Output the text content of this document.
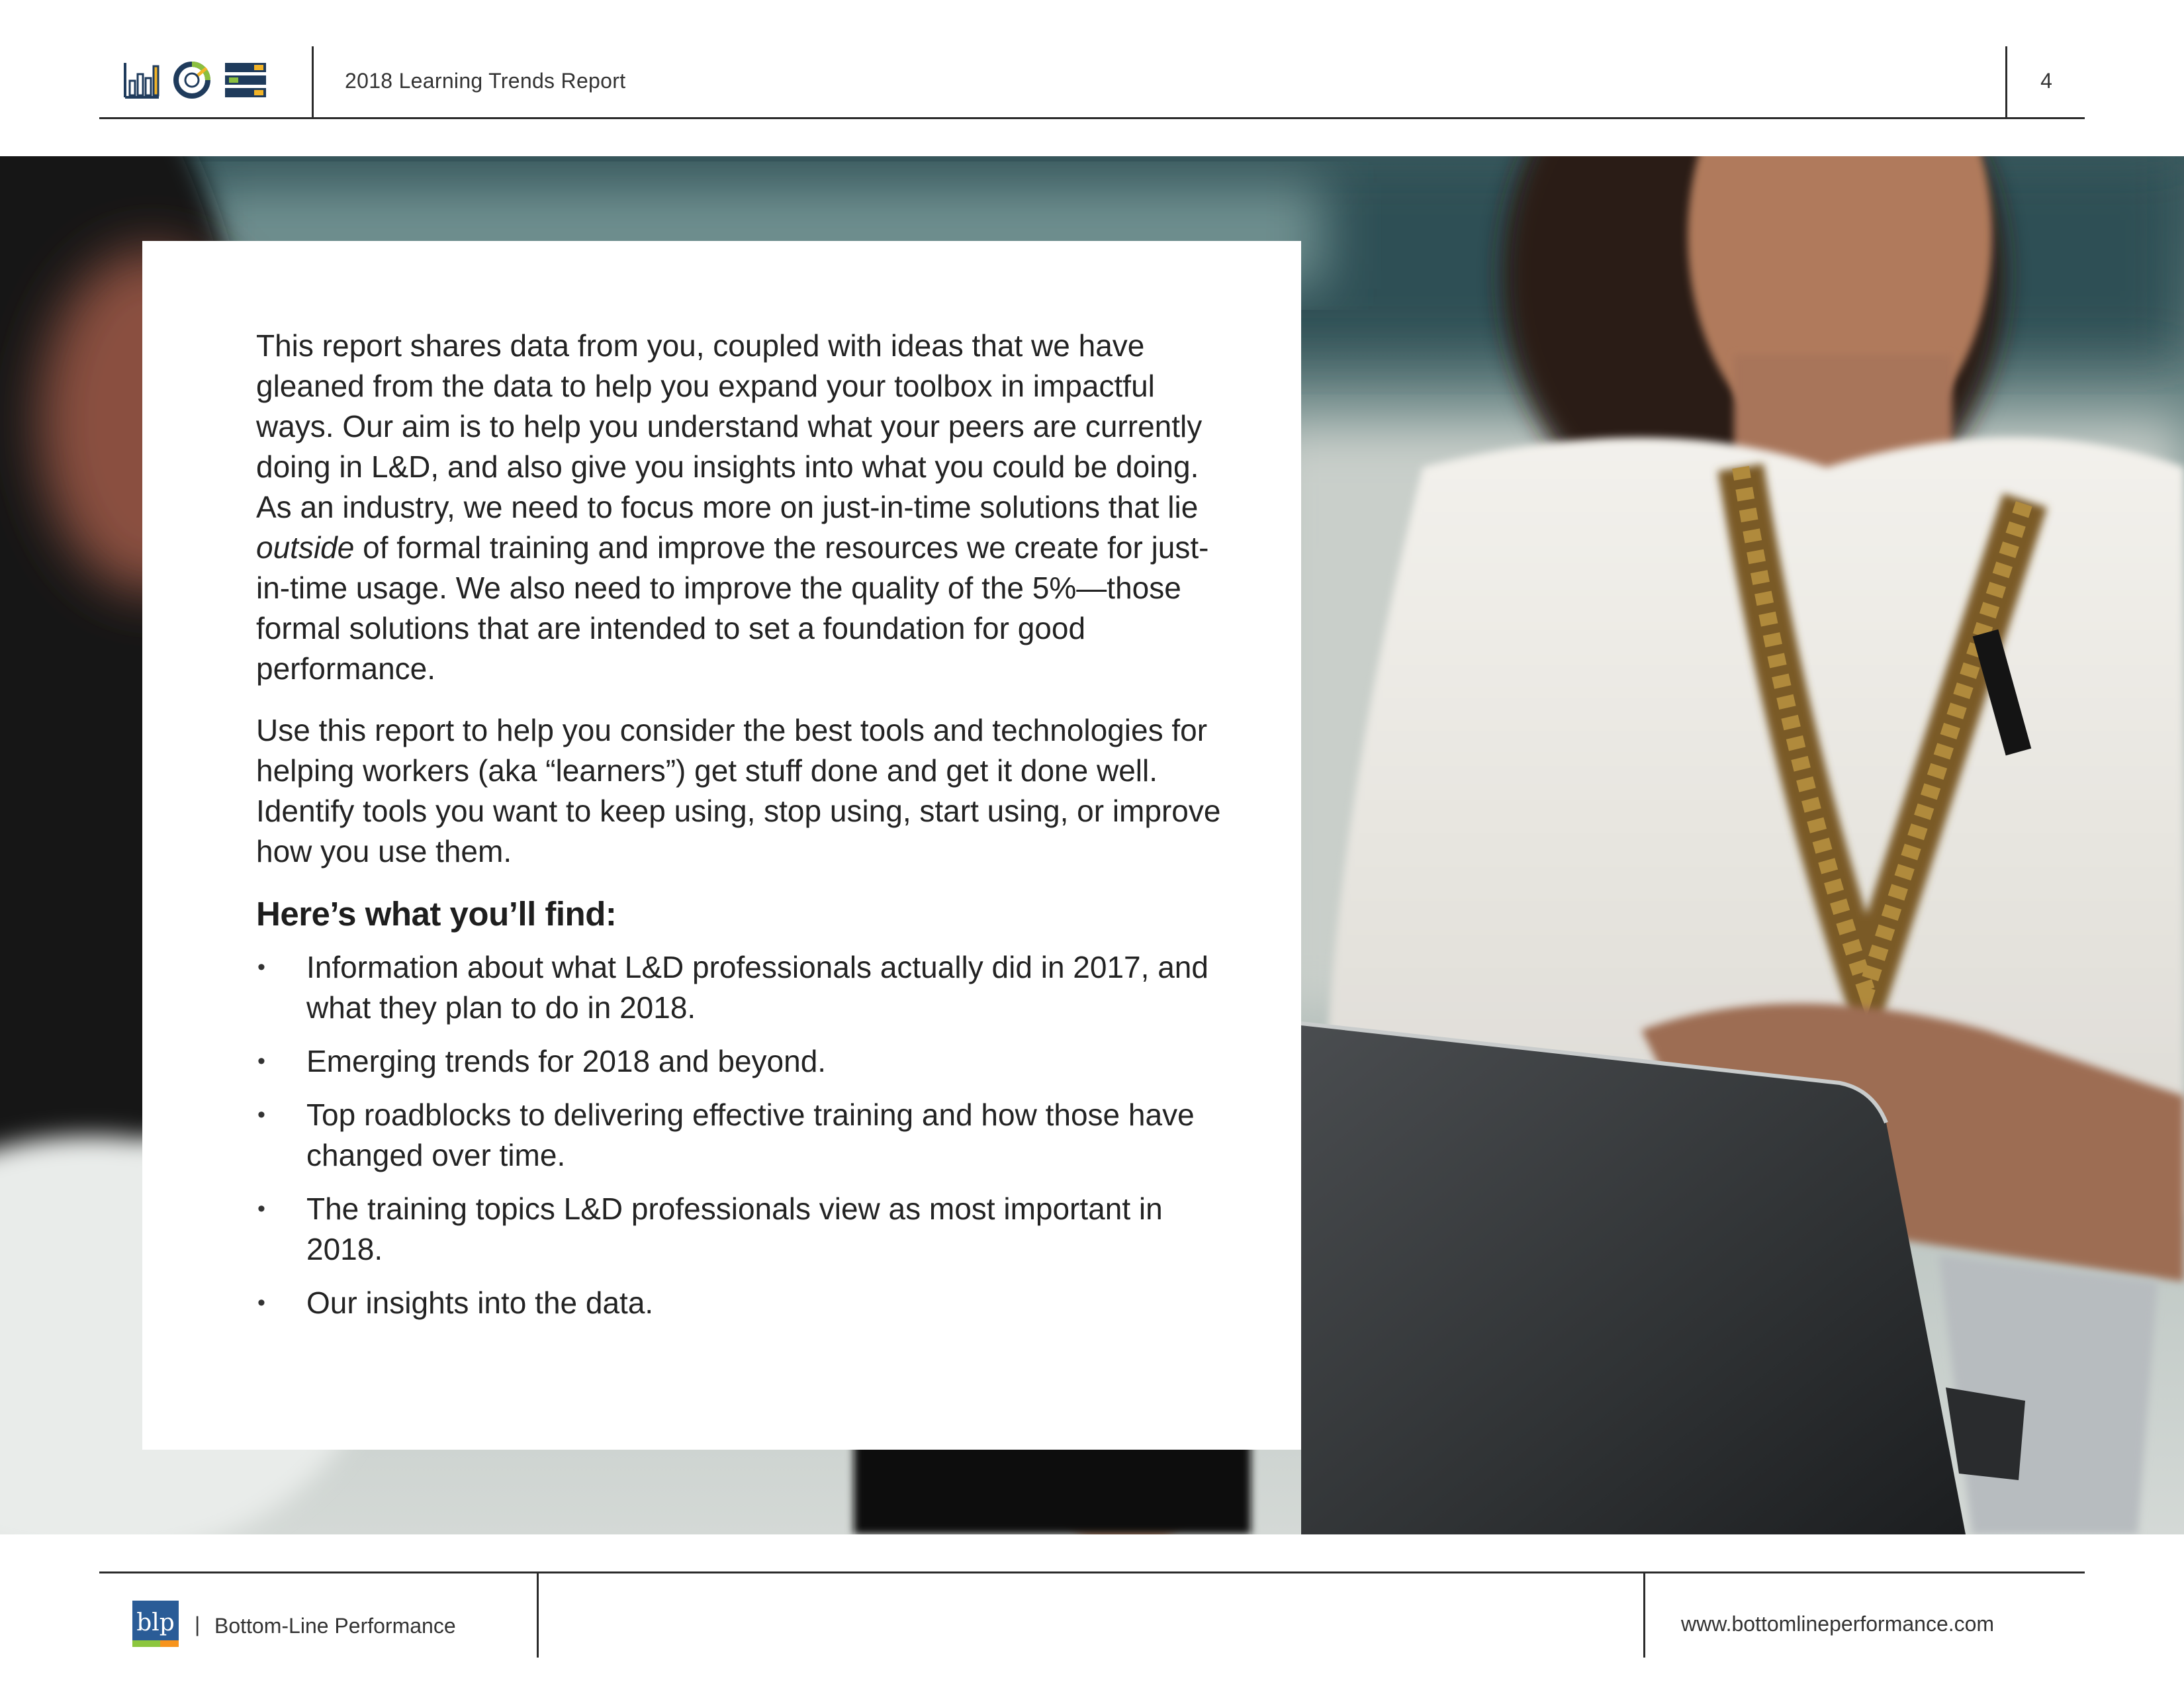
2018 Learning Trends Report	4

This report shares data from you, coupled with ideas that we have gleaned from the data to help you expand your toolbox in impactful ways. Our aim is to help you understand what your peers are currently doing in L&D, and also give you insights into what you could be doing. As an industry, we need to focus more on just-in-time solutions that lie outside of formal training and improve the resources we create for just-in-time usage. We also need to improve the quality of the 5%—those formal solutions that are intended to set a foundation for good performance.

Use this report to help you consider the best tools and technologies for helping workers (aka “learners”) get stuff done and get it done well. Identify tools you want to keep using, stop using, start using, or improve how you use them.

Here’s what you’ll find:
• Information about what L&D professionals actually did in 2017, and what they plan to do in 2018.
• Emerging trends for 2018 and beyond.
• Top roadblocks to delivering effective training and how those have changed over time.
• The training topics L&D professionals view as most important in 2018.
• Our insights into the data.
blp | Bottom-Line Performance	www.bottomlineperformance.com
